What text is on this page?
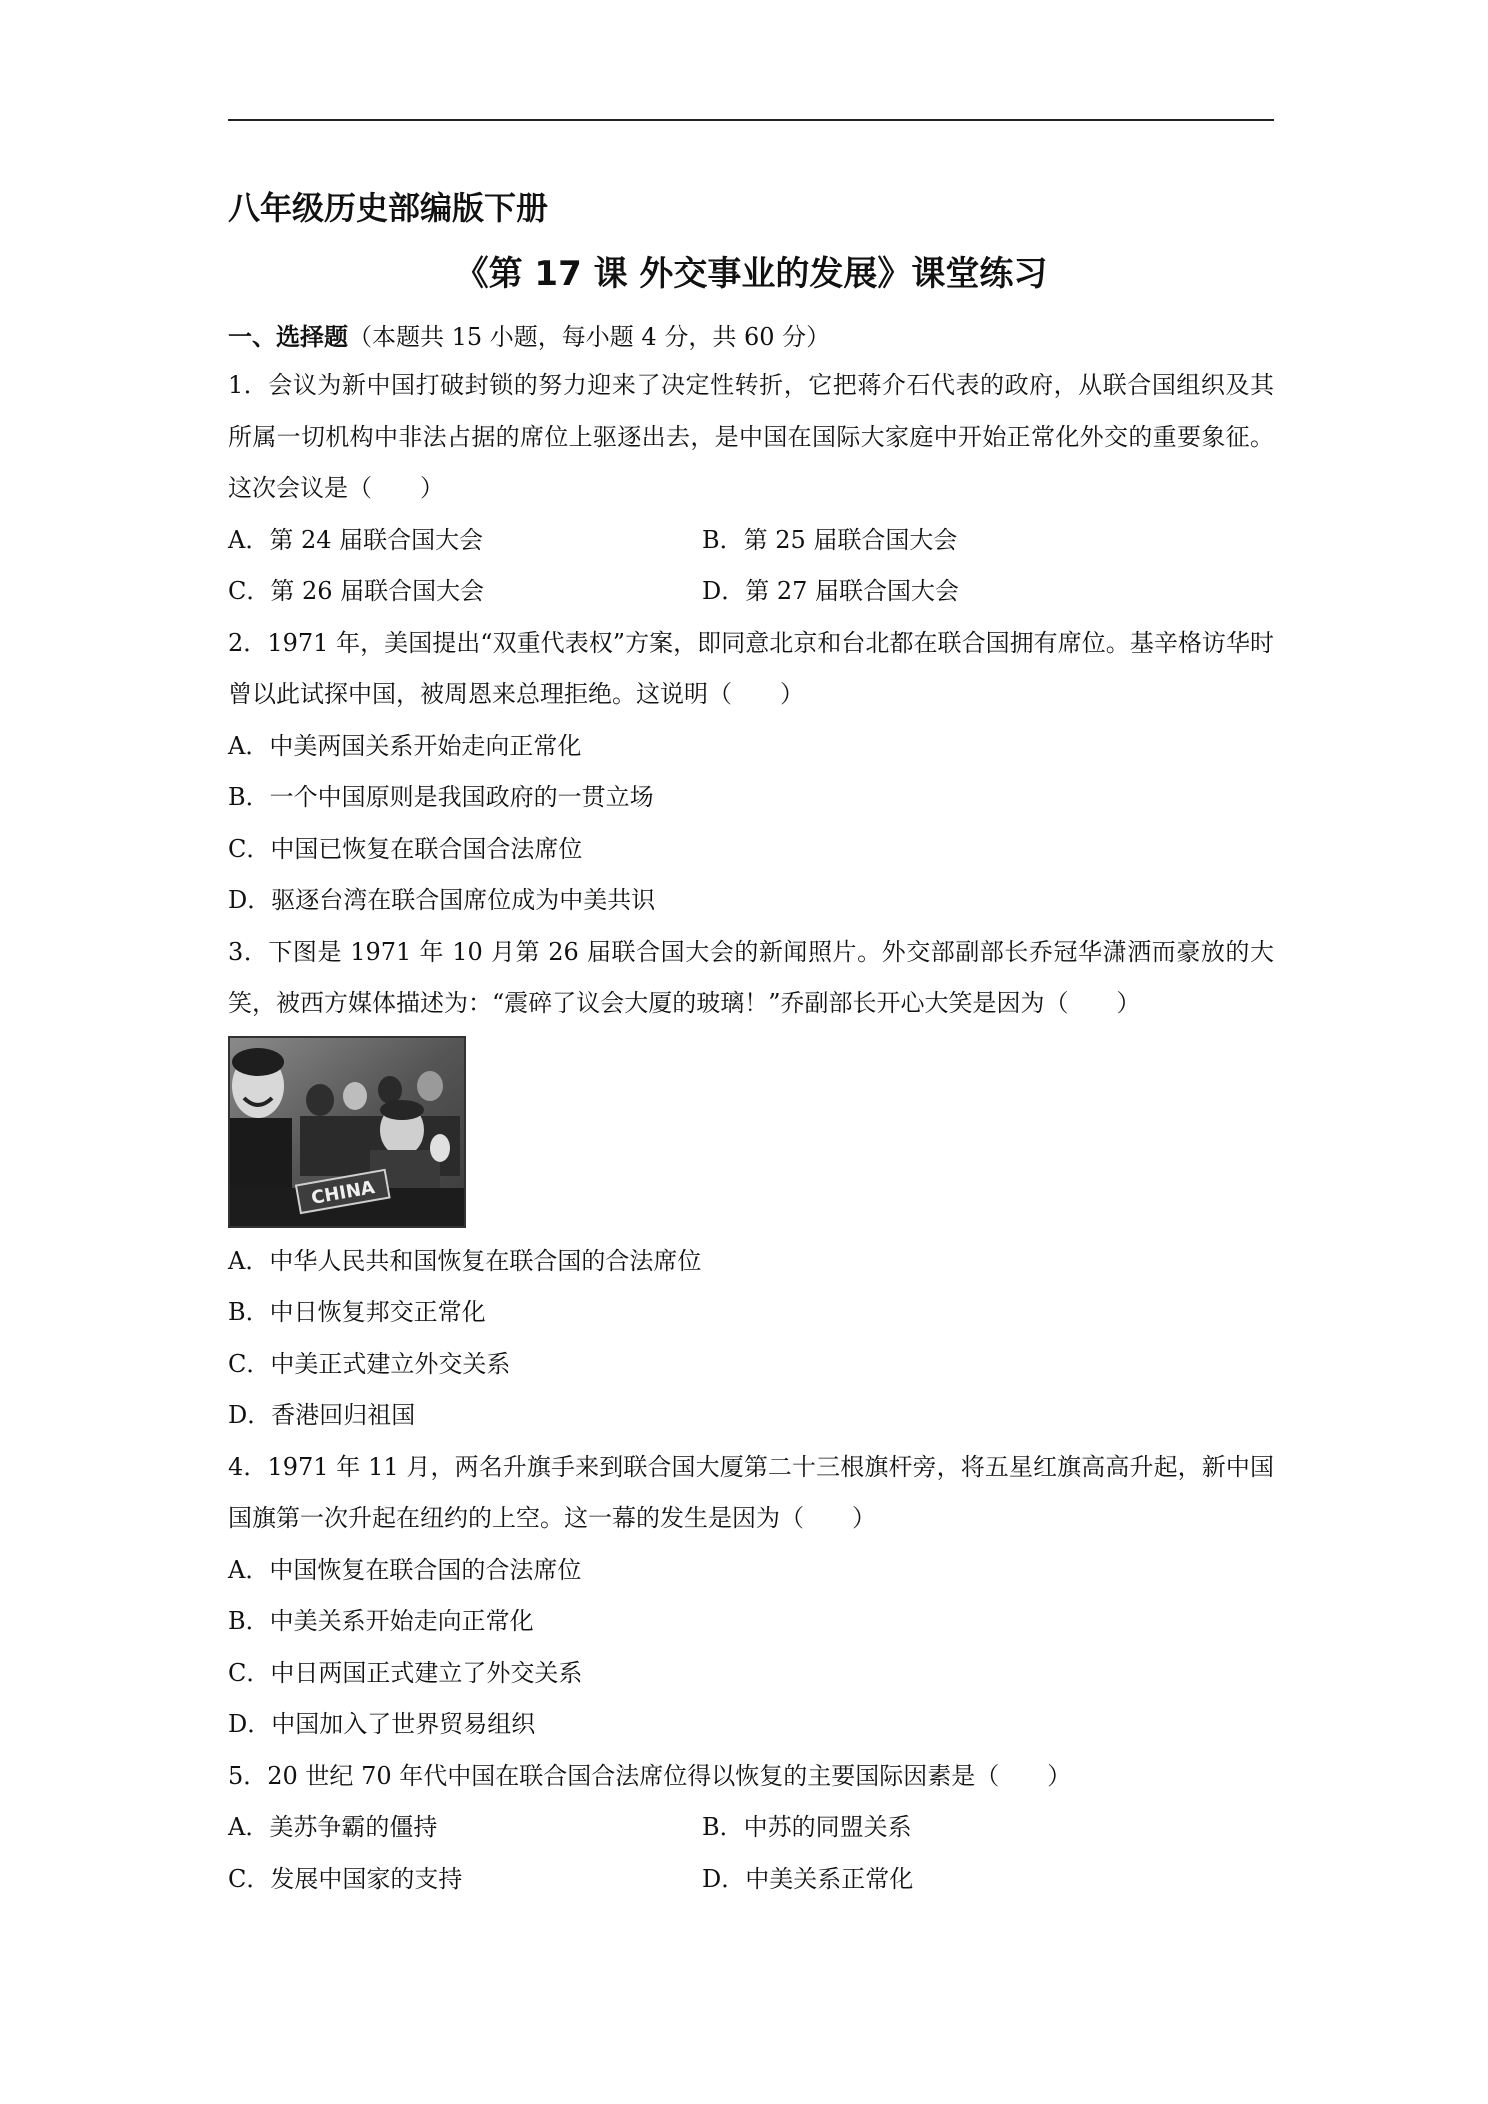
八年级历史部编版下册

《第 17 课 外交事业的发展》课堂练习

一、选择题（本题共 15 小题，每小题 4 分，共 60 分）

1．会议为新中国打破封锁的努力迎来了决定性转折，它把蒋介石代表的政府，从联合国组织及其所属一切机构中非法占据的席位上驱逐出去，是中国在国际大家庭中开始正常化外交的重要象征。这次会议是（　　）

A．第 24 届联合国大会	B．第 25 届联合国大会
C．第 26 届联合国大会	D．第 27 届联合国大会

2．1971 年，美国提出“双重代表权”方案，即同意北京和台北都在联合国拥有席位。基辛格访华时曾以此试探中国，被周恩来总理拒绝。这说明（　　）

A．中美两国关系开始走向正常化

B．一个中国原则是我国政府的一贯立场

C．中国已恢复在联合国合法席位

D．驱逐台湾在联合国席位成为中美共识

3．下图是 1971 年 10 月第 26 届联合国大会的新闻照片。外交部副部长乔冠华潇洒而豪放的大笑，被西方媒体描述为：“震碎了议会大厦的玻璃！”乔副部长开心大笑是因为（　　）

CHINA

A．中华人民共和国恢复在联合国的合法席位

B．中日恢复邦交正常化

C．中美正式建立外交关系

D．香港回归祖国

4．1971 年 11 月，两名升旗手来到联合国大厦第二十三根旗杆旁，将五星红旗高高升起，新中国国旗第一次升起在纽约的上空。这一幕的发生是因为（　　）

A．中国恢复在联合国的合法席位

B．中美关系开始走向正常化

C．中日两国正式建立了外交关系

D．中国加入了世界贸易组织

5．20 世纪 70 年代中国在联合国合法席位得以恢复的主要国际因素是（　　）

A．美苏争霸的僵持	B．中苏的同盟关系
C．发展中国家的支持	D．中美关系正常化
